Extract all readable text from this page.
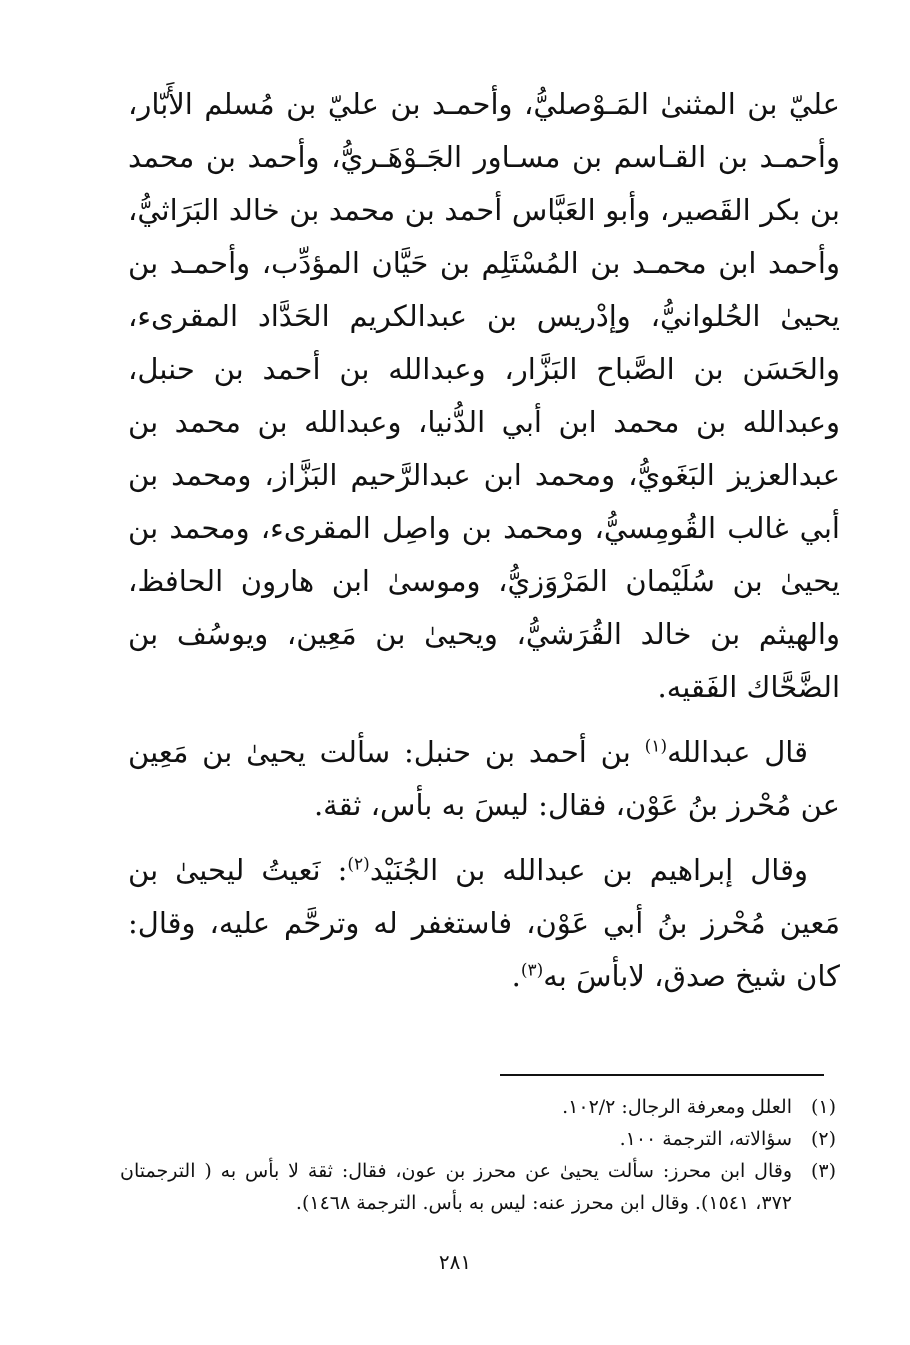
عليّ بن المثنىٰ المَـوْصليُّ، وأحمـد بن عليّ بن مُسلم الأَبّار، وأحمـد بن القـاسم بن مسـاور الجَـوْهَـريُّ، وأحمد بن محمد بن بكر القَصير، وأبو العَبَّاس أحمد بن محمد بن خالد البَرَاثيُّ، وأحمد ابن محمـد بن المُسْتَلِم بن حَيَّان المؤدِّب، وأحمـد بن يحيىٰ الحُلوانيُّ، وإدْريس بن عبدالكريم الحَدَّاد المقرىء، والحَسَن بن الصَّباح البَزَّار، وعبدالله بن أحمد بن حنبل، وعبدالله بن محمد ابن أبي الدُّنيا، وعبدالله بن محمد بن عبدالعزيز البَغَويُّ، ومحمد ابن عبدالرَّحيم البَزَّاز، ومحمد بن أبي غالب القُومِسيُّ، ومحمد بن واصِل المقرىء، ومحمد بن يحيىٰ بن سُلَيْمان المَرْوَزيُّ، وموسىٰ ابن هارون الحافظ، والهيثم بن خالد القُرَشيُّ، ويحيىٰ بن مَعِين، ويوسُف بن الضَّحَّاك الفَقيه.

قال عبدالله$^{(١)}$ بن أحمد بن حنبل: سألت يحيىٰ بن مَعِين عن مُحْرز بنُ عَوْن، فقال: ليسَ به بأس، ثقة.

وقال إبراهيم بن عبدالله بن الجُنَيْد$^{(٢)}$: نَعيتُ ليحيىٰ بن مَعين مُحْرز بنُ أبي عَوْن، فاستغفر له وترحَّم عليه، وقال: كان شيخ صدق، لابأسَ به$^{(٣)}$.

(١)
العلل ومعرفة الرجال: ١٠٢/٢.
(٢)
سؤالاته، الترجمة ١٠٠.
(٣)
وقال ابن محرز: سألت يحيىٰ عن محرز بن عون، فقال: ثقة لا بأس به ( الترجمتان ٣٧٢، ١٥٤١). وقال ابن محرز عنه: ليس به بأس. الترجمة ١٤٦٨).
٢٨١
